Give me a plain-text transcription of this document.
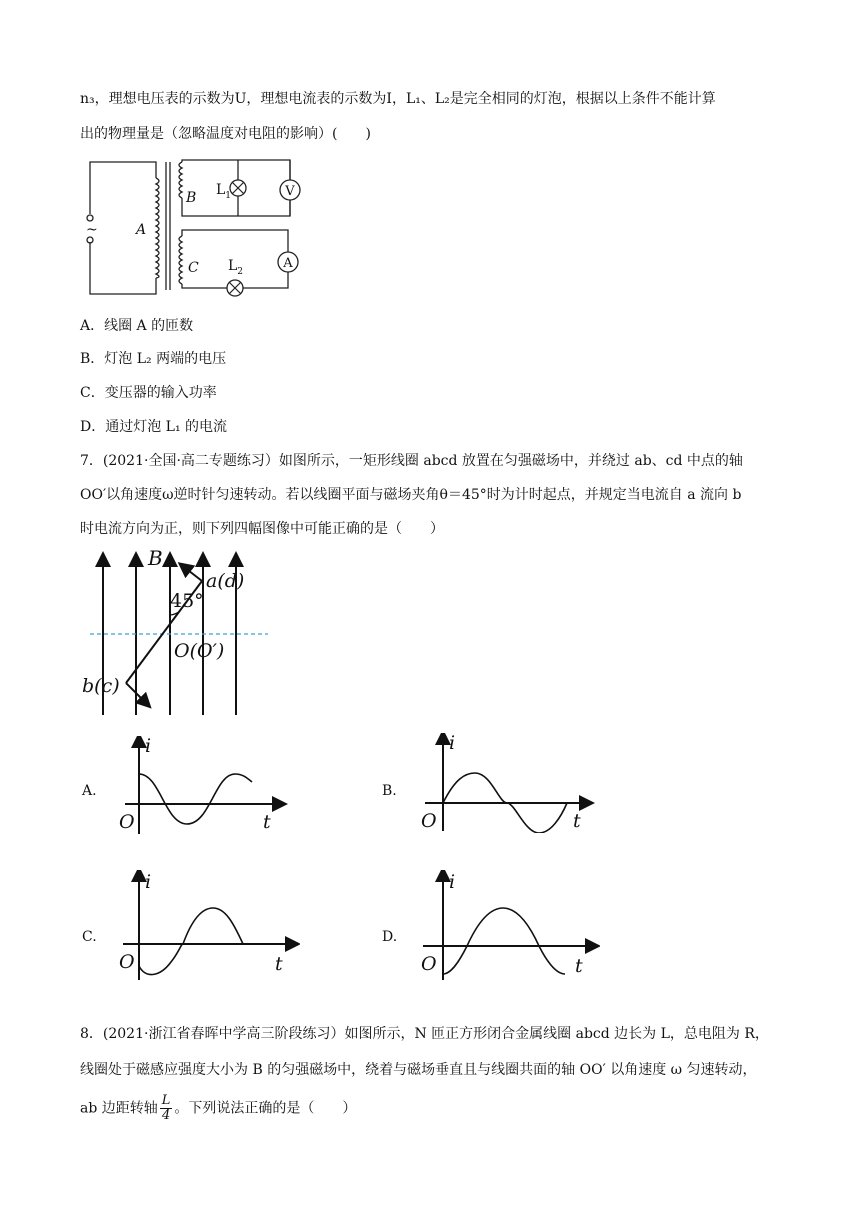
n₃，理想电压表的示数为U，理想电流表的示数为I，L₁、L₂是完全相同的灯泡，根据以上条件不能计算
出的物理量是（忽略温度对电阻的影响）(　　)
V
A
~	A
B
C
$L_1$
$L_2$
A．线圈 A 的匝数
B．灯泡 L₂ 两端的电压
C．变压器的输入功率
D．通过灯泡 L₁ 的电流
7．(2021·全国·高二专题练习）如图所示，一矩形线圈 abcd 放置在匀强磁场中，并绕过 ab、cd 中点的轴
OO′以角速度ω逆时针匀速转动。若以线圈平面与磁场夹角θ＝45°时为计时起点，并规定当电流自 a 流向 b
时电流方向为正，则下列四幅图像中可能正确的是（　　）
B
45°
a(d)
O(O′)
b(c)
A.
i
O	t
B.
i
O	t
C.
i
O	t
D.
i
O	t
8．(2021·浙江省春晖中学高三阶段练习）如图所示，N 匝正方形闭合金属线圈 abcd 边长为 L，总电阻为 R，
线圈处于磁感应强度大小为 B 的匀强磁场中，绕着与磁场垂直且与线圈共面的轴 OO′ 以角速度 ω 匀速转动，
ab 边距转轴 $\frac{L}{4}$ 。下列说法正确的是（　　）
